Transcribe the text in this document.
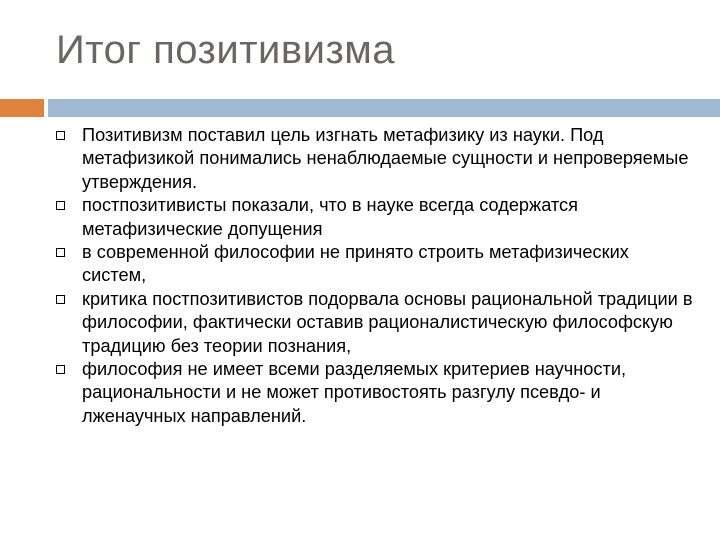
Итог позитивизма
Позитивизм поставил цель изгнать метафизику из науки. Под метафизикой понимались ненаблюдаемые сущности и непроверяемые утверждения.
постпозитивисты показали, что в науке всегда содержатся метафизические допущения
в современной философии не принято строить метафизических систем,
критика постпозитивистов подорвала основы рациональной традиции в философии, фактически оставив рационалистическую философскую традицию без теории познания,
философия не имеет всеми разделяемых критериев научности, рациональности и не может противостоять разгулу псевдо- и лженаучных направлений.
